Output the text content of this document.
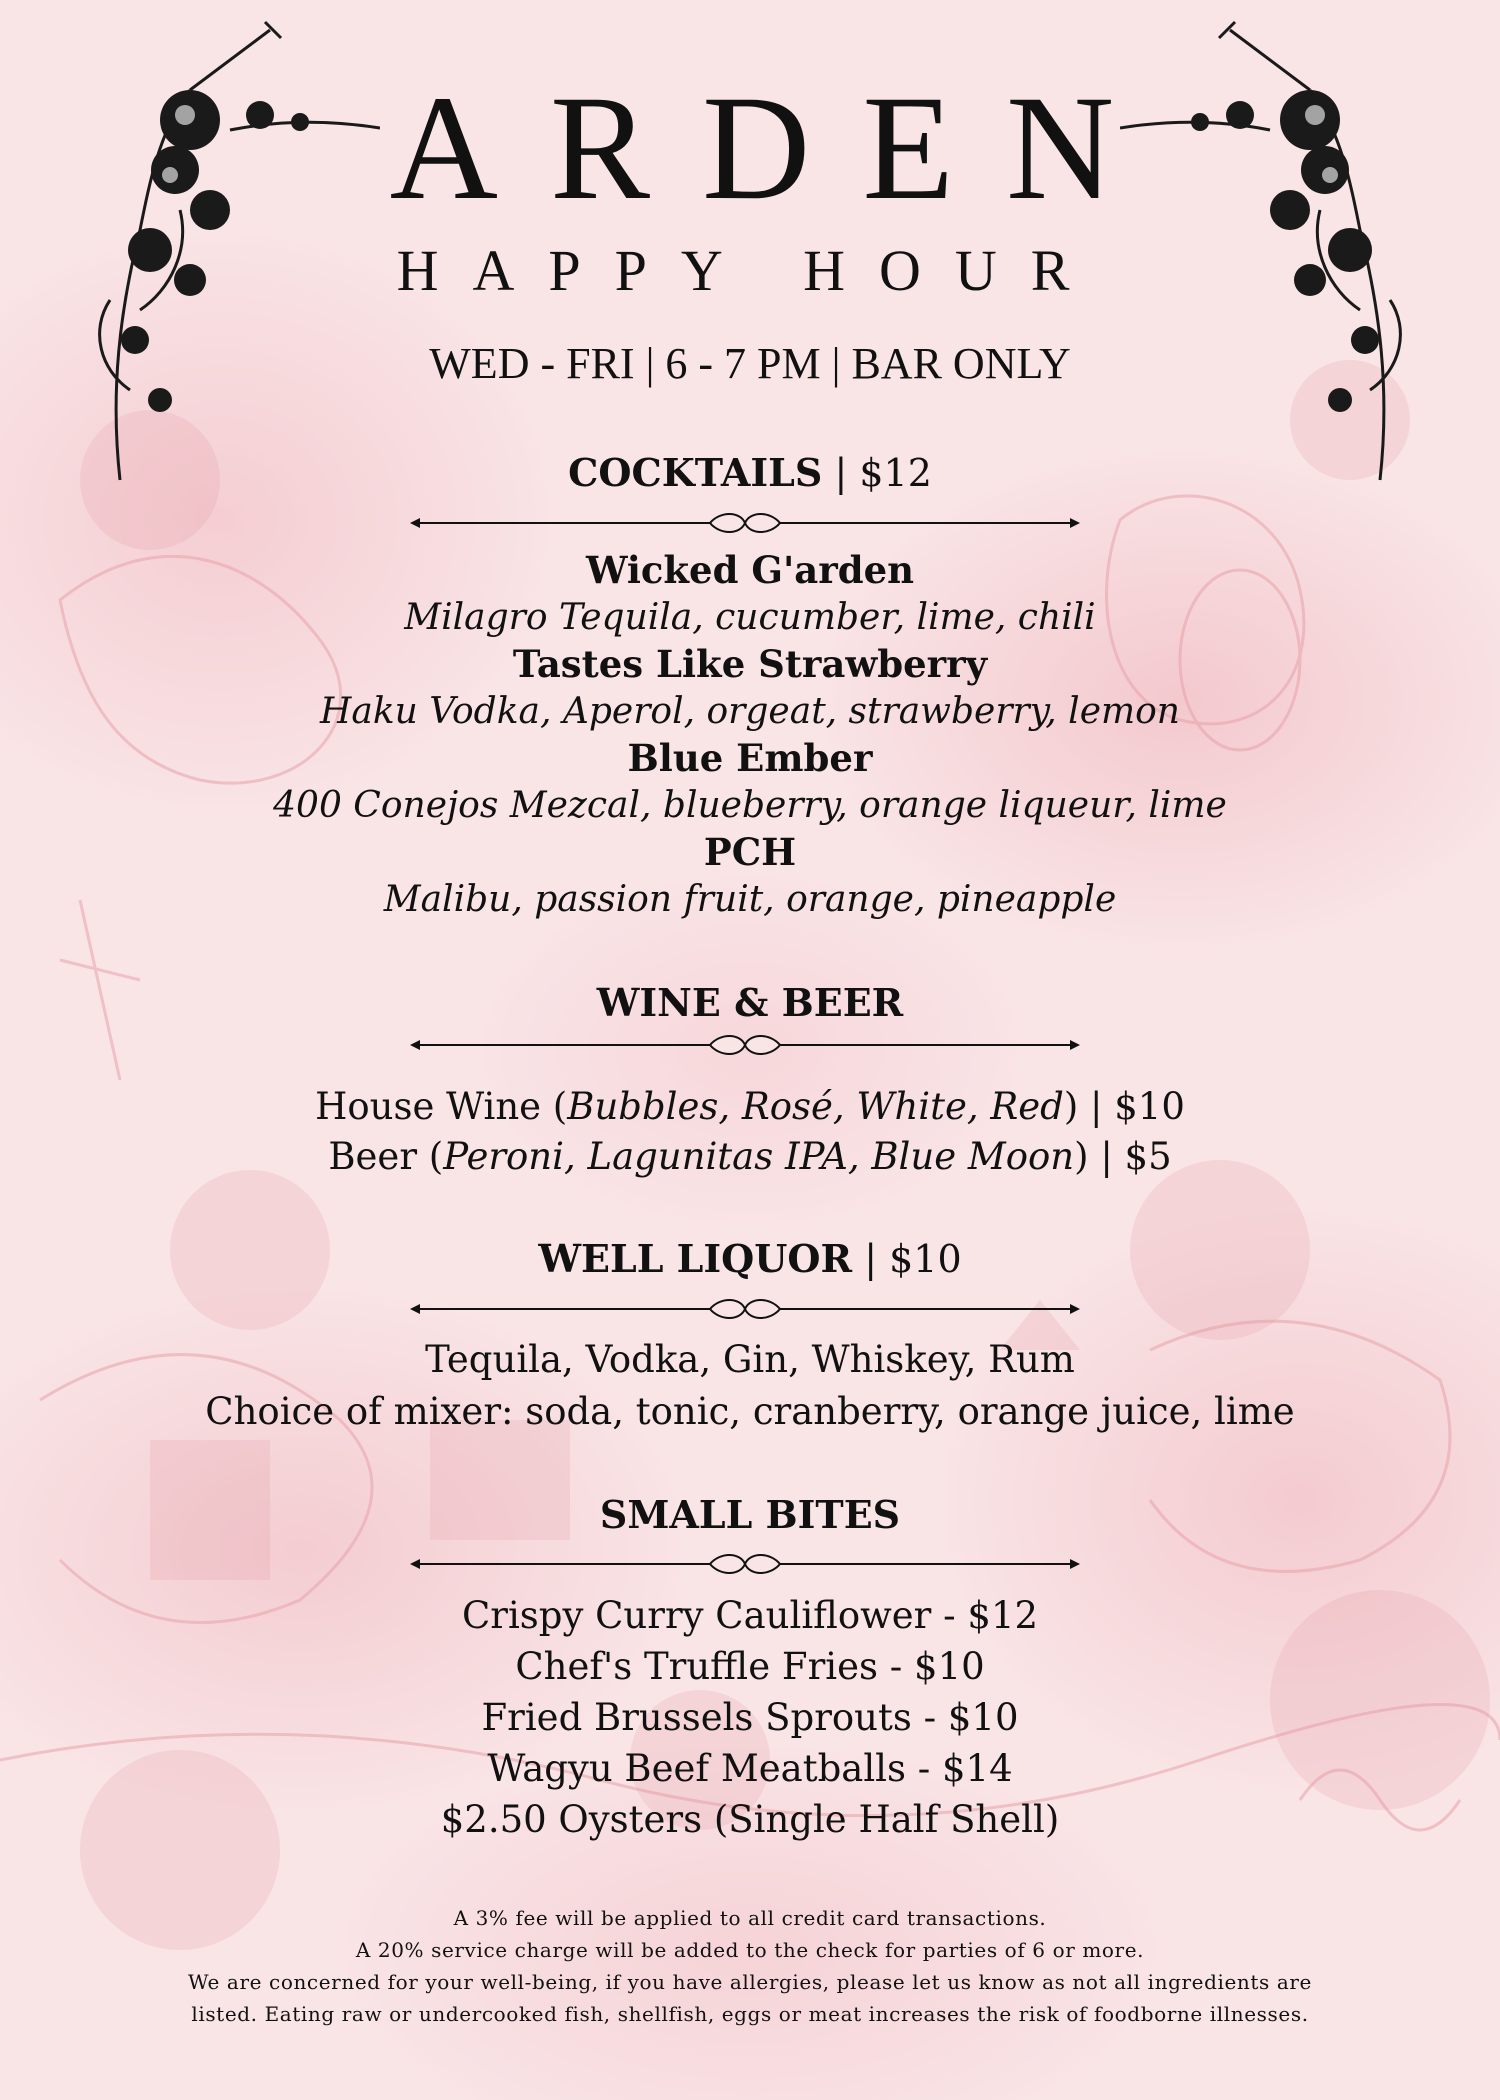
ARDEN
HAPPY HOUR
WED - FRI | 6 - 7 PM | BAR ONLY
COCKTAILS | $12
Wicked G'arden
Milagro Tequila, cucumber, lime, chili
Tastes Like Strawberry
Haku Vodka, Aperol, orgeat, strawberry, lemon
Blue Ember
400 Conejos Mezcal, blueberry, orange liqueur, lime
PCH
Malibu, passion fruit, orange, pineapple
WINE & BEER
House Wine (Bubbles, Rosé, White, Red) | $10
Beer (Peroni, Lagunitas IPA, Blue Moon) | $5
WELL LIQUOR | $10
Tequila, Vodka, Gin, Whiskey, Rum
Choice of mixer: soda, tonic, cranberry, orange juice, lime
SMALL BITES
Crispy Curry Cauliflower - $12
Chef's Truffle Fries - $10
Fried Brussels Sprouts - $10
Wagyu Beef Meatballs - $14
$2.50 Oysters (Single Half Shell)
A 3% fee will be applied to all credit card transactions.
A 20% service charge will be added to the check for parties of 6 or more.
We are concerned for your well-being, if you have allergies, please let us know as not all ingredients are
listed. Eating raw or undercooked fish, shellfish, eggs or meat increases the risk of foodborne illnesses.
